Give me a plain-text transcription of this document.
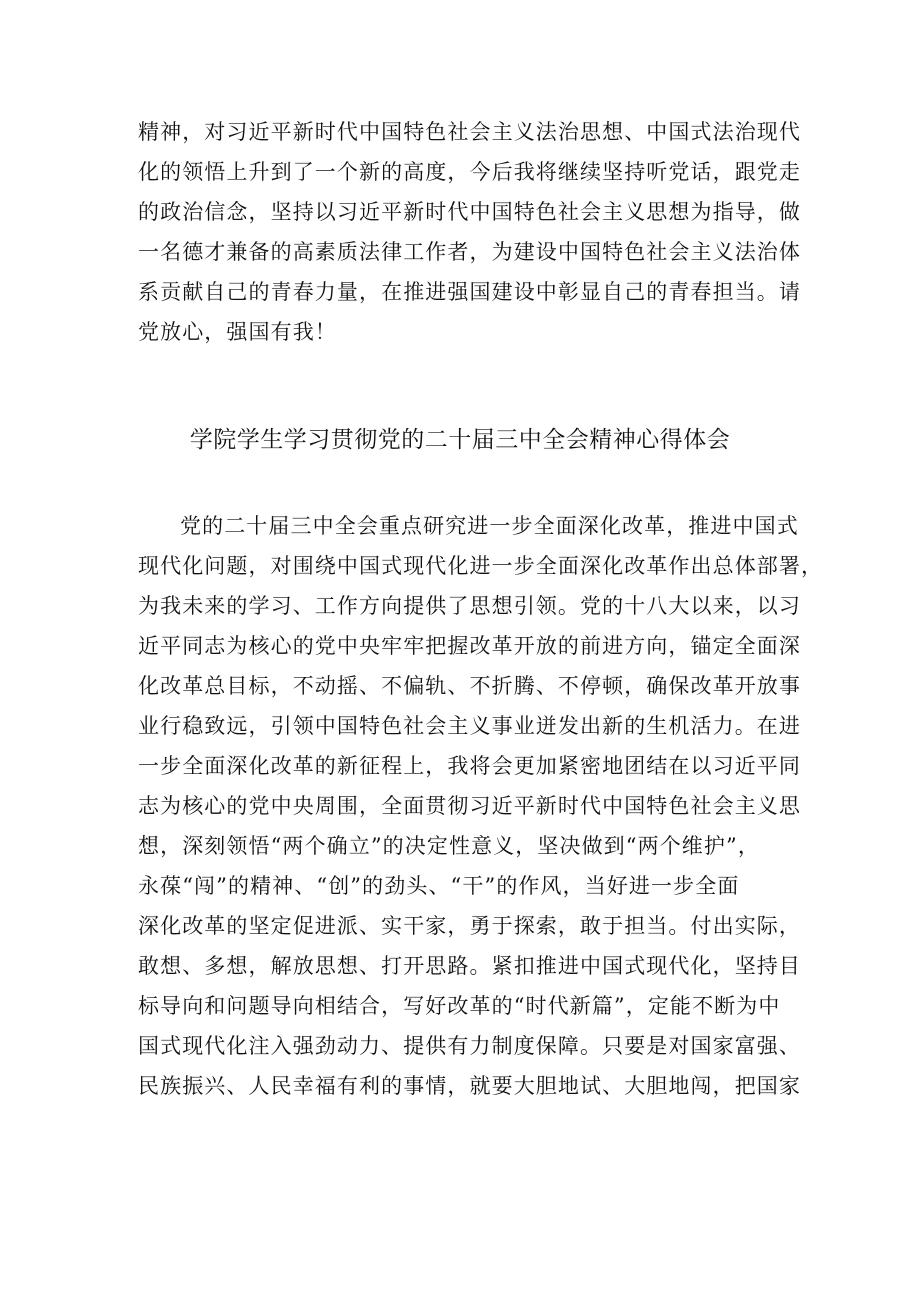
精神，对习近平新时代中国特色社会主义法治思想、中国式法治现代
化的领悟上升到了一个新的高度，今后我将继续坚持听党话，跟党走
的政治信念，坚持以习近平新时代中国特色社会主义思想为指导，做
一名德才兼备的高素质法律工作者，为建设中国特色社会主义法治体
系贡献自己的青春力量，在推进强国建设中彰显自己的青春担当。请
党放心，强国有我！
学院学生学习贯彻党的二十届三中全会精神心得体会
党的二十届三中全会重点研究进一步全面深化改革，推进中国式
现代化问题，对围绕中国式现代化进一步全面深化改革作出总体部署，
为我未来的学习、工作方向提供了思想引领。党的十八大以来，以习
近平同志为核心的党中央牢牢把握改革开放的前进方向，锚定全面深
化改革总目标，不动摇、不偏轨、不折腾、不停顿，确保改革开放事
业行稳致远，引领中国特色社会主义事业迸发出新的生机活力。在进
一步全面深化改革的新征程上，我将会更加紧密地团结在以习近平同
志为核心的党中央周围，全面贯彻习近平新时代中国特色社会主义思
想，深刻领悟“两个确立”的决定性意义，坚决做到“两个维护”，
永葆“闯”的精神、“创”的劲头、“干”的作风，当好进一步全面
深化改革的坚定促进派、实干家，勇于探索，敢于担当。付出实际，
敢想、多想，解放思想、打开思路。紧扣推进中国式现代化，坚持目
标导向和问题导向相结合，写好改革的“时代新篇”，定能不断为中
国式现代化注入强劲动力、提供有力制度保障。只要是对国家富强、
民族振兴、人民幸福有利的事情，就要大胆地试、大胆地闯，把国家
